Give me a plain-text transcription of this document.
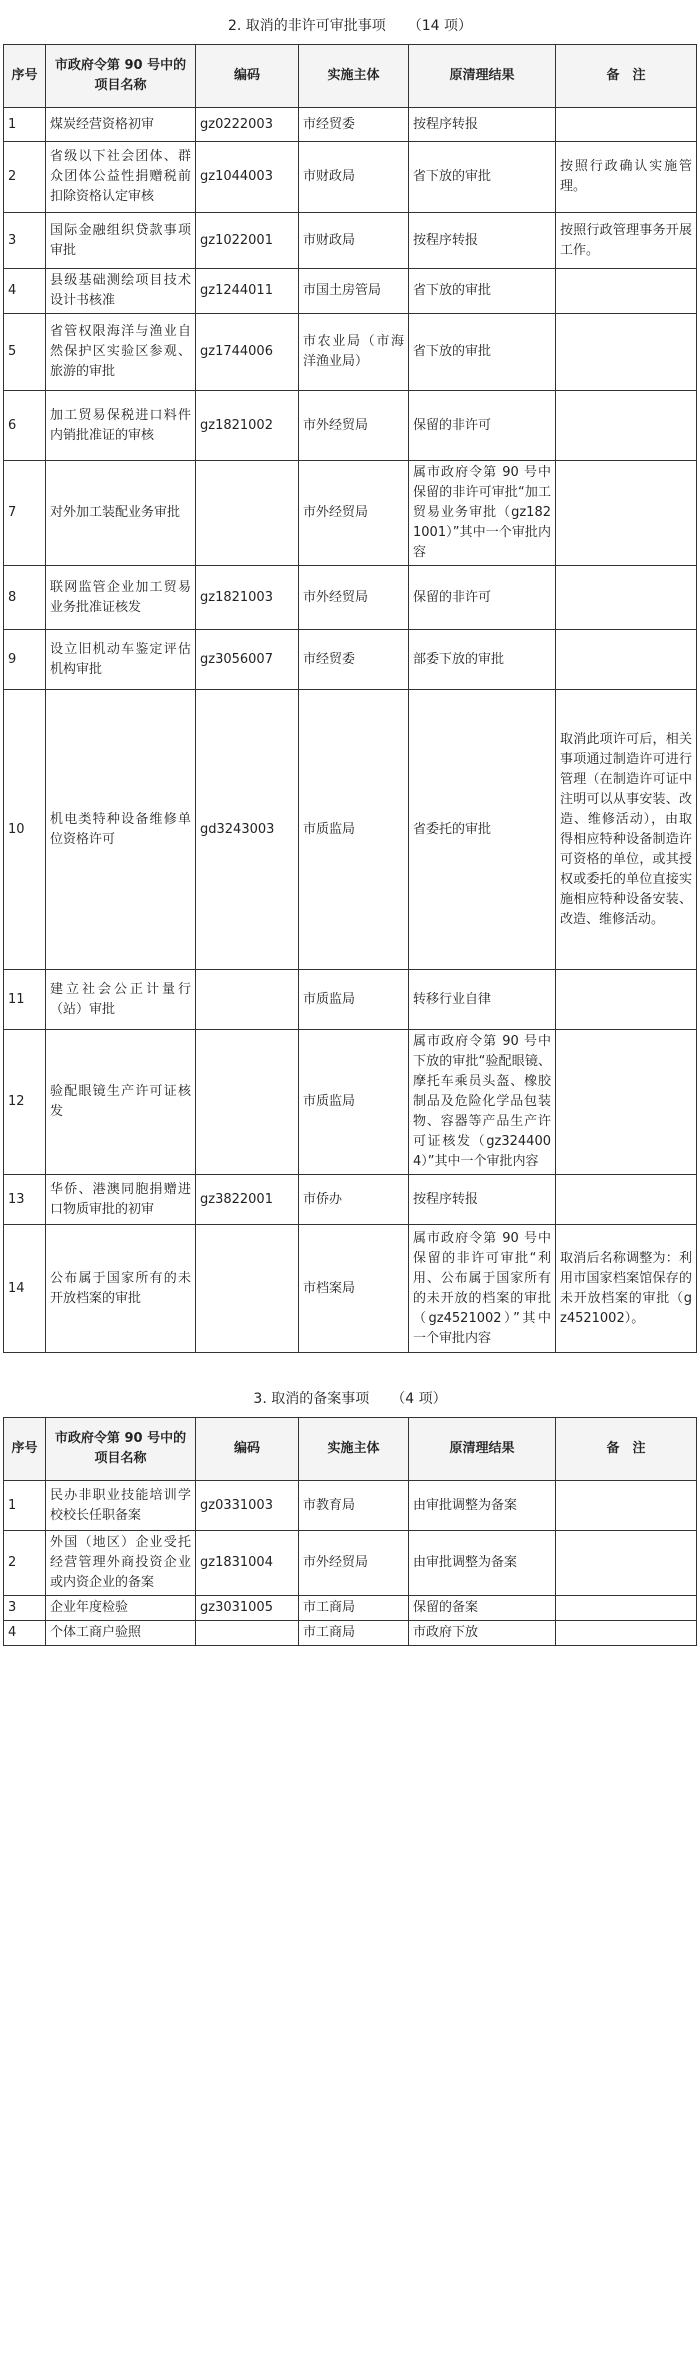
2. 取消的非许可审批事项 （14 项）
序号	市政府令第 90 号中的项目名称	编码	实施主体	原清理结果	备　注
1	煤炭经营资格初审	gz0222003	市经贸委	按程序转报	
2	省级以下社会团体、群众团体公益性捐赠税前扣除资格认定审核	gz1044003	市财政局	省下放的审批	按照行政确认实施管理。
3	国际金融组织贷款事项审批	gz1022001	市财政局	按程序转报	按照行政管理事务开展工作。
4	县级基础测绘项目技术设计书核准	gz1244011	市国土房管局	省下放的审批	
5	省管权限海洋与渔业自然保护区实验区参观、旅游的审批	gz1744006	市农业局（市海洋渔业局）	省下放的审批	
6	加工贸易保税进口料件内销批准证的审核	gz1821002	市外经贸局	保留的非许可	
7	对外加工装配业务审批		市外经贸局	属市政府令第 90 号中保留的非许可审批“加工贸易业务审批（gz1821001）”其中一个审批内容	
8	联网监管企业加工贸易业务批准证核发	gz1821003	市外经贸局	保留的非许可	
9	设立旧机动车鉴定评估机构审批	gz3056007	市经贸委	部委下放的审批	
10	机电类特种设备维修单位资格许可	gd3243003	市质监局	省委托的审批	取消此项许可后，相关事项通过制造许可进行管理（在制造许可证中注明可以从事安装、改造、维修活动），由取得相应特种设备制造许可资格的单位，或其授权或委托的单位直接实施相应特种设备安装、改造、维修活动。
11	建立社会公正计量行（站）审批		市质监局	转移行业自律	
12	验配眼镜生产许可证核发		市质监局	属市政府令第 90 号中下放的审批“验配眼镜、摩托车乘员头盔、橡胶制品及危险化学品包装物、容器等产品生产许可证核发（gz3244004）”其中一个审批内容	
13	华侨、港澳同胞捐赠进口物质审批的初审	gz3822001	市侨办	按程序转报	
14	公布属于国家所有的未开放档案的审批		市档案局	属市政府令第 90 号中保留的非许可审批“利用、公布属于国家所有的未开放的档案的审批（gz4521002）”其中一个审批内容	取消后名称调整为：利用市国家档案馆保存的未开放档案的审批（gz4521002）。
3. 取消的备案事项 （4 项）
序号	市政府令第 90 号中的项目名称	编码	实施主体	原清理结果	备　注
1	民办非职业技能培训学校校长任职备案	gz0331003	市教育局	由审批调整为备案	
2	外国（地区）企业受托经营管理外商投资企业或内资企业的备案	gz1831004	市外经贸局	由审批调整为备案	
3	企业年度检验	gz3031005	市工商局	保留的备案	
4	个体工商户验照		市工商局	市政府下放	
